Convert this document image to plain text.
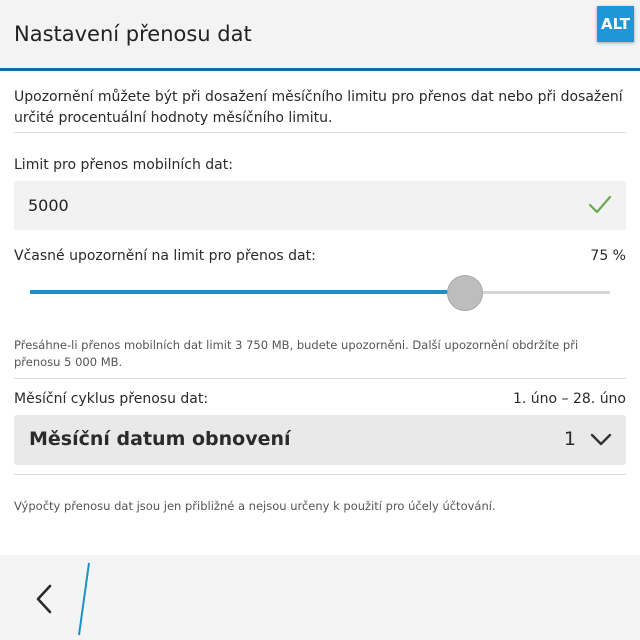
Nastavení přenosu dat	ALT
Upozornění můžete být při dosažení měsíčního limitu pro přenos dat nebo při dosažení určité procentuální hodnoty měsíčního limitu.
Limit pro přenos mobilních dat:
5000
Včasné upozornění na limit pro přenos dat:	75 %
Přesáhne-li přenos mobilních dat limit 3 750 MB, budete upozorněni. Další upozornění obdržíte při přenosu 5 000 MB.
Měsíční cyklus přenosu dat:	1. úno – 28. úno
Měsíční datum obnovení	1
Výpočty přenosu dat jsou jen přibližné a nejsou určeny k použití pro účely účtování.
